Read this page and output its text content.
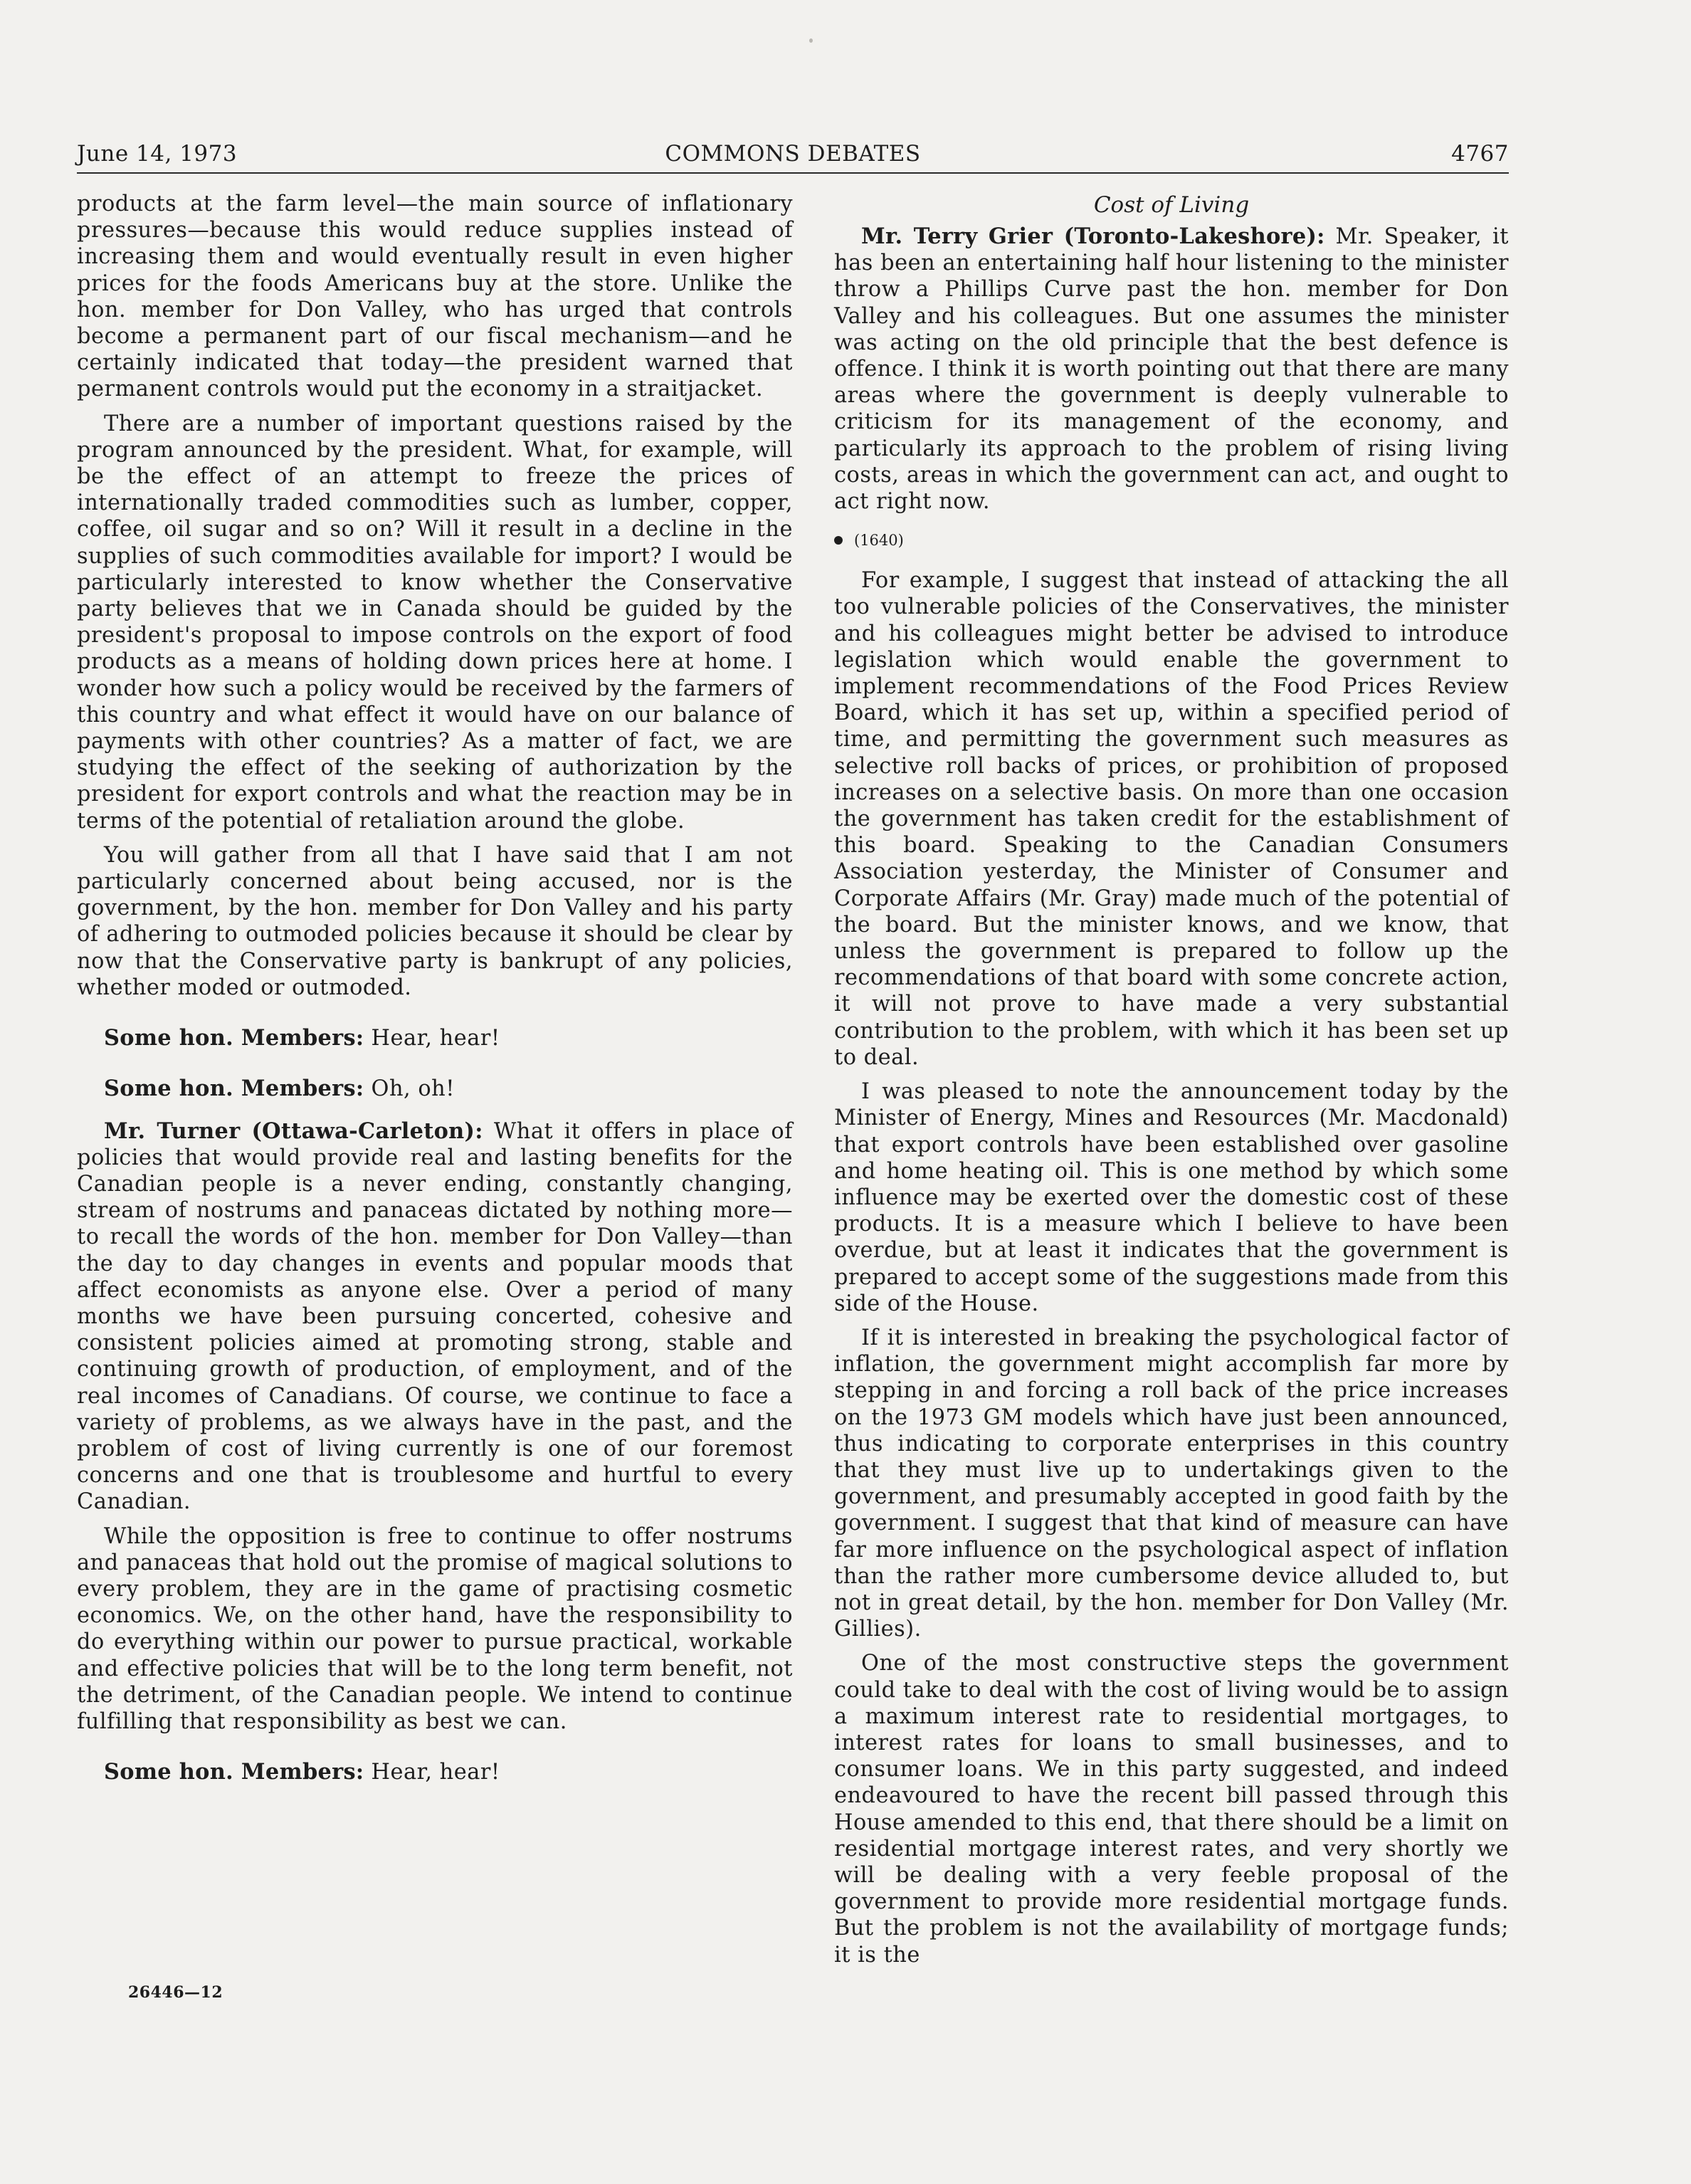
June 14, 1973	COMMONS DEBATES	4767

products at the farm level—the main source of inflationary pressures—because this would reduce supplies instead of increasing them and would eventually result in even higher prices for the foods Americans buy at the store. Unlike the hon. member for Don Valley, who has urged that controls become a permanent part of our fiscal mechanism—and he certainly indicated that today—the president warned that permanent controls would put the economy in a straitjacket.

There are a number of important questions raised by the program announced by the president. What, for example, will be the effect of an attempt to freeze the prices of internationally traded commodities such as lumber, copper, coffee, oil sugar and so on? Will it result in a decline in the supplies of such commodities available for import? I would be particularly interested to know whether the Conservative party believes that we in Canada should be guided by the president's proposal to impose controls on the export of food products as a means of holding down prices here at home. I wonder how such a policy would be received by the farmers of this country and what effect it would have on our balance of payments with other countries? As a matter of fact, we are studying the effect of the seeking of authorization by the president for export controls and what the reaction may be in terms of the potential of retaliation around the globe.

You will gather from all that I have said that I am not particularly concerned about being accused, nor is the government, by the hon. member for Don Valley and his party of adhering to outmoded policies because it should be clear by now that the Conservative party is bankrupt of any policies, whether moded or outmoded.

Some hon. Members: Hear, hear!

Some hon. Members: Oh, oh!

Mr. Turner (Ottawa-Carleton): What it offers in place of policies that would provide real and lasting benefits for the Canadian people is a never ending, constantly changing, stream of nostrums and panaceas dictated by nothing more—to recall the words of the hon. member for Don Valley—than the day to day changes in events and popular moods that affect economists as anyone else. Over a period of many months we have been pursuing concerted, cohesive and consistent policies aimed at promoting strong, stable and continuing growth of production, of employment, and of the real incomes of Canadians. Of course, we continue to face a variety of problems, as we always have in the past, and the problem of cost of living currently is one of our foremost concerns and one that is troublesome and hurtful to every Canadian.

While the opposition is free to continue to offer nostrums and panaceas that hold out the promise of magical solutions to every problem, they are in the game of practising cosmetic economics. We, on the other hand, have the responsibility to do everything within our power to pursue practical, workable and effective policies that will be to the long term benefit, not the detriment, of the Canadian people. We intend to continue fulfilling that responsibility as best we can.

Some hon. Members: Hear, hear!

Cost of Living

Mr. Terry Grier (Toronto-Lakeshore): Mr. Speaker, it has been an entertaining half hour listening to the minister throw a Phillips Curve past the hon. member for Don Valley and his colleagues. But one assumes the minister was acting on the old principle that the best defence is offence. I think it is worth pointing out that there are many areas where the government is deeply vulnerable to criticism for its management of the economy, and particularly its approach to the problem of rising living costs, areas in which the government can act, and ought to act right now.

(1640)

For example, I suggest that instead of attacking the all too vulnerable policies of the Conservatives, the minister and his colleagues might better be advised to introduce legislation which would enable the government to implement recommendations of the Food Prices Review Board, which it has set up, within a specified period of time, and permitting the government such measures as selective roll backs of prices, or prohibition of proposed increases on a selective basis. On more than one occasion the government has taken credit for the establishment of this board. Speaking to the Canadian Consumers Association yesterday, the Minister of Consumer and Corporate Affairs (Mr. Gray) made much of the potential of the board. But the minister knows, and we know, that unless the government is prepared to follow up the recommendations of that board with some concrete action, it will not prove to have made a very substantial contribution to the problem, with which it has been set up to deal.

I was pleased to note the announcement today by the Minister of Energy, Mines and Resources (Mr. Macdonald) that export controls have been established over gasoline and home heating oil. This is one method by which some influence may be exerted over the domestic cost of these products. It is a measure which I believe to have been overdue, but at least it indicates that the government is prepared to accept some of the suggestions made from this side of the House.

If it is interested in breaking the psychological factor of inflation, the government might accomplish far more by stepping in and forcing a roll back of the price increases on the 1973 GM models which have just been announced, thus indicating to corporate enterprises in this country that they must live up to undertakings given to the government, and presumably accepted in good faith by the government. I suggest that that kind of measure can have far more influence on the psychological aspect of inflation than the rather more cumbersome device alluded to, but not in great detail, by the hon. member for Don Valley (Mr. Gillies).

One of the most constructive steps the government could take to deal with the cost of living would be to assign a maximum interest rate to residential mortgages, to interest rates for loans to small businesses, and to consumer loans. We in this party suggested, and indeed endeavoured to have the recent bill passed through this House amended to this end, that there should be a limit on residential mortgage interest rates, and very shortly we will be dealing with a very feeble proposal of the government to provide more residential mortgage funds. But the problem is not the availability of mortgage funds; it is the

26446—12
